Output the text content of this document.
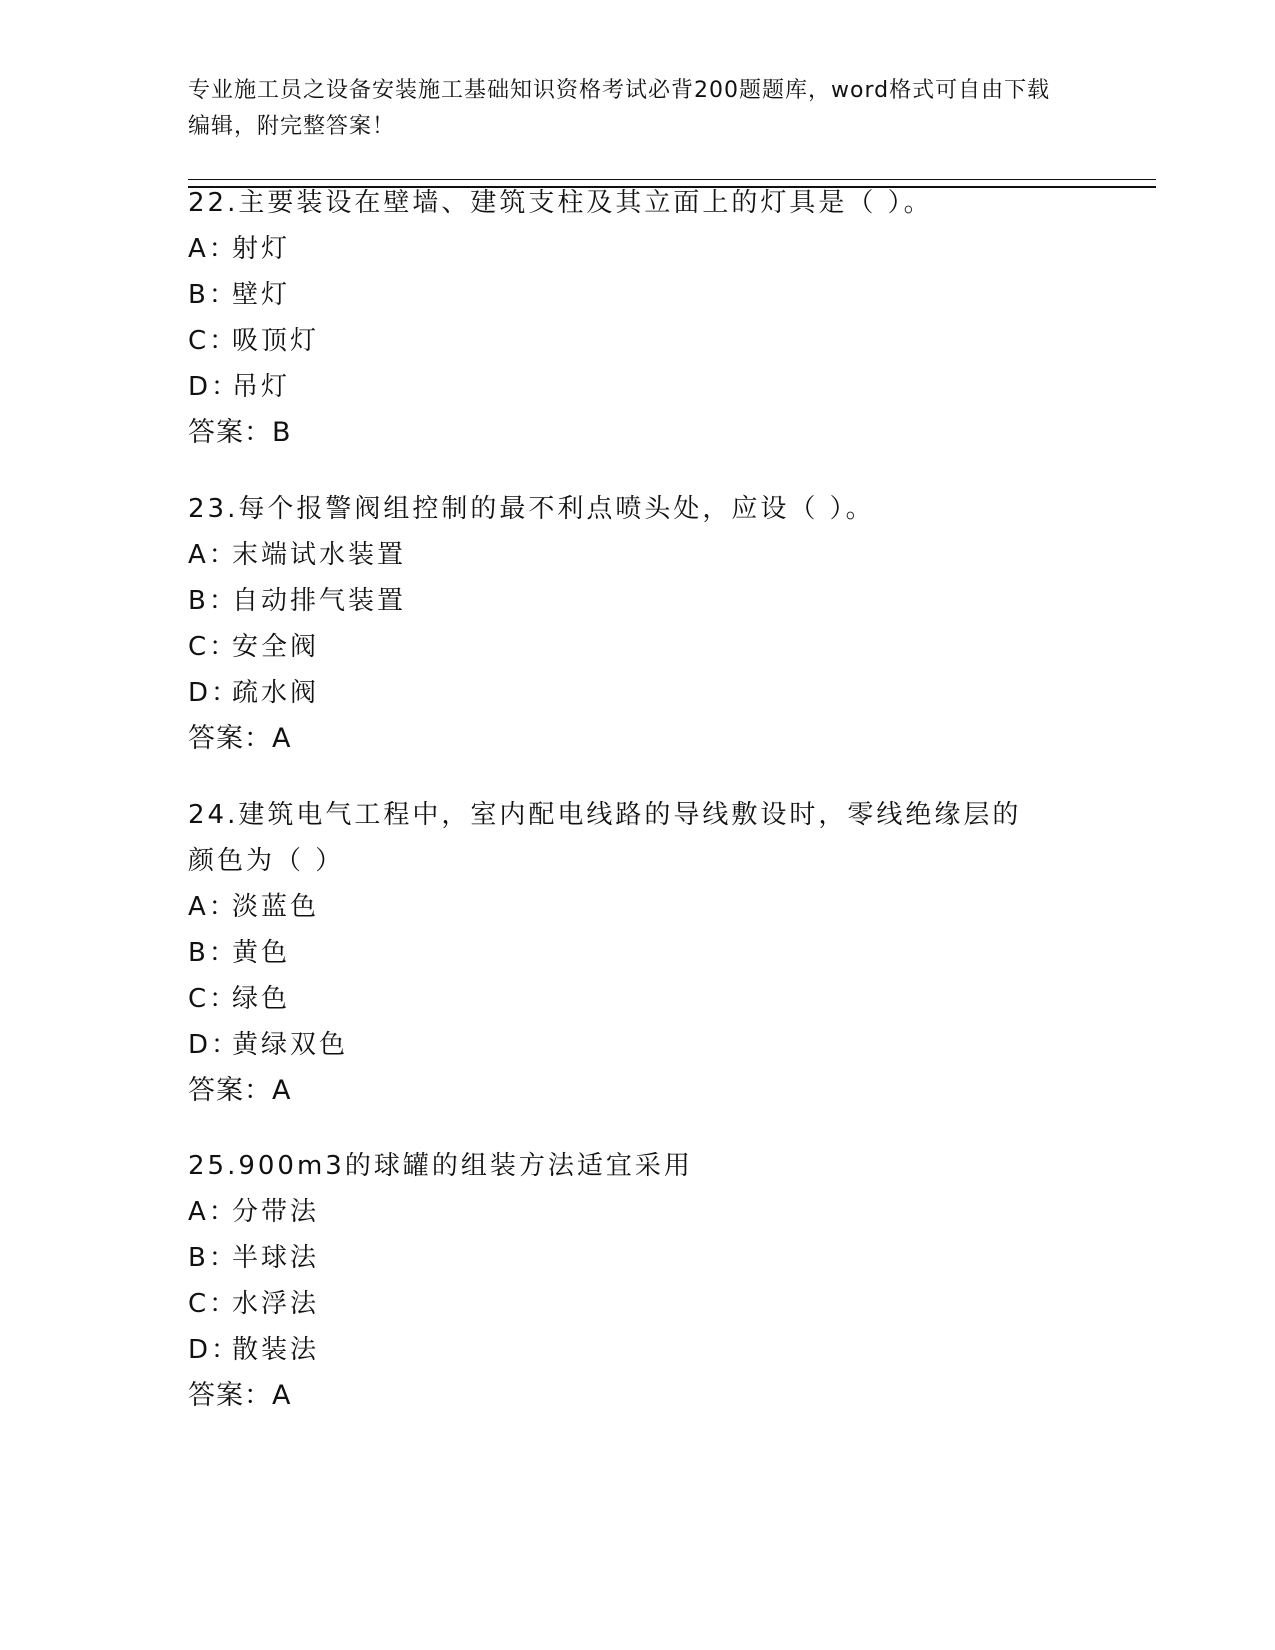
专业施工员之设备安装施工基础知识资格考试必背200题题库，word格式可自由下载编辑，附完整答案！

22.主要装设在壁墙、建筑支柱及其立面上的灯具是（ ）。

A：
射灯
B：
壁灯
C：
吸顶灯
D：
吊灯
答案： B

23.每个报警阀组控制的最不利点喷头处，应设（ ）。

A：
末端试水装置
B：
自动排气装置
C：
安全阀
D：
疏水阀
答案： A

24.建筑电气工程中，室内配电线路的导线敷设时，零线绝缘层的颜色为（ ）

A：
淡蓝色
B：
黄色
C：
绿色
D：
黄绿双色
答案： A

25.900m3的球罐的组装方法适宜采用

A：
分带法
B：
半球法
C：
水浮法
D：
散装法
答案： A
